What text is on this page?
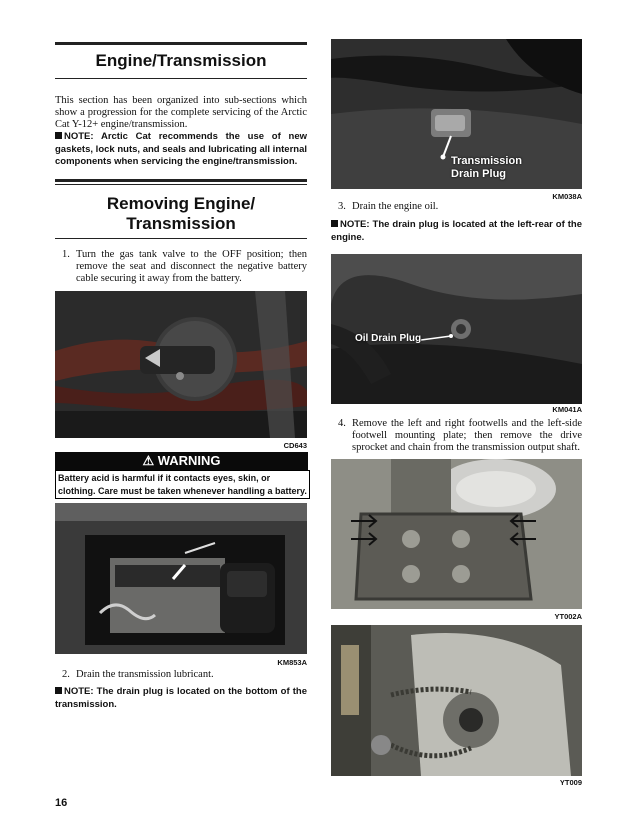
Engine/Transmission
This section has been organized into sub-sections which show a progression for the complete servicing of the Arctic Cat Y-12+ engine/transmission.
NOTE: Arctic Cat recommends the use of new gaskets, lock nuts, and seals and lubricating all internal components when servicing the engine/transmission.
Removing Engine/
Transmission
1. Turn the gas tank valve to the OFF position; then remove the seat and disconnect the negative battery cable securing it away from the battery.
CD643
⚠ WARNING
Battery acid is harmful if it contacts eyes, skin, or clothing. Care must be taken whenever handling a battery.
KM853A
2. Drain the transmission lubricant.
NOTE: The drain plug is located on the bottom of the transmission.
Transmission
Drain Plug
KM038A
3. Drain the engine oil.
NOTE: The drain plug is located at the left-rear of the engine.
Oil Drain Plug
KM041A
4. Remove the left and right footwells and the left-side footwell mounting plate; then remove the drive sprocket and chain from the transmission output shaft.
YT002A
YT009
16
